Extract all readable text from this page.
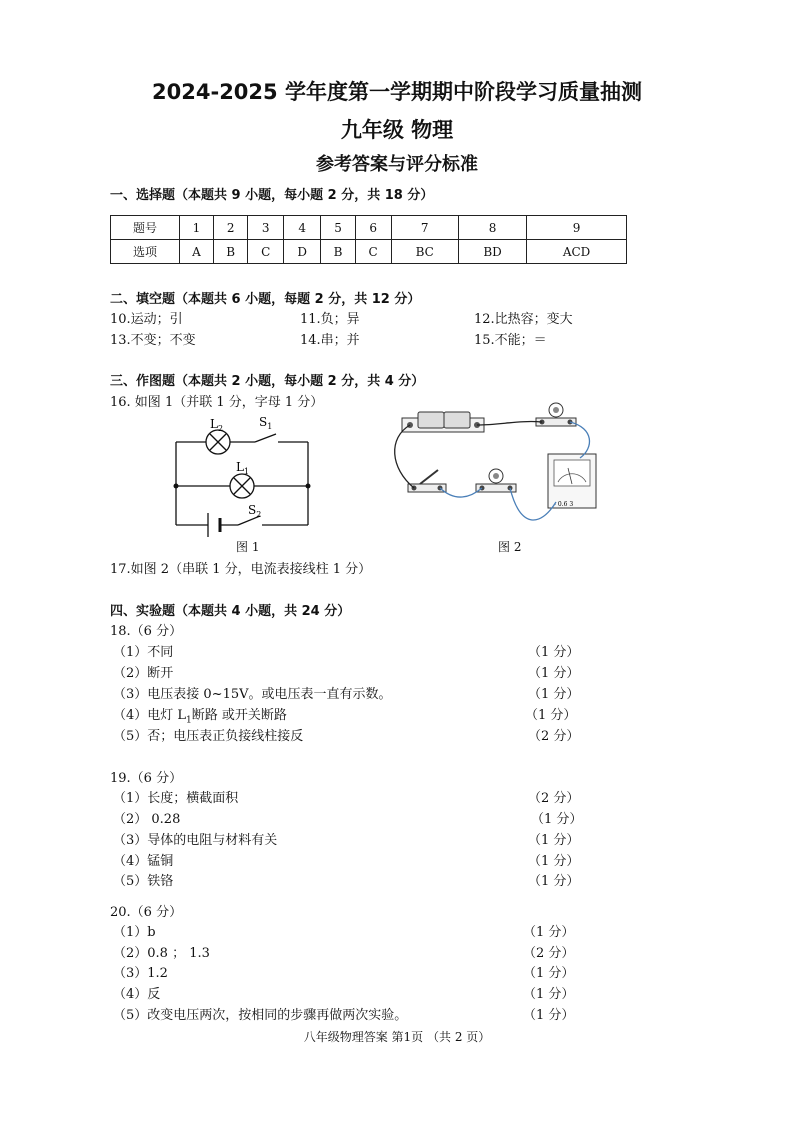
2024-2025 学年度第一学期期中阶段学习质量抽测
九年级 物理
参考答案与评分标准
一、选择题（本题共 9 小题，每小题 2 分，共 18 分）
题号	1	2	3	4	5	6	7	8	9
选项	A	B	C	D	B	C	BC	BD	ACD
二、填空题（本题共 6 小题，每题 2 分，共 12 分）
10.运动；引	11.负；异	12.比热容；变大
13.不变；不变	14.串；并	15.不能；＝
三、作图题（本题共 2 小题，每小题 2 分，共 4 分）
16. 如图 1（并联 1 分，字母 1 分）
$L_2$	$S_1$
$L_1$
$S_2$
图 1
- 0.6 3
图 2
17.如图 2（串联 1 分，电流表接线柱 1 分）
四、实验题（本题共 4 小题，共 24 分）
18.（6 分）
（1）不同	（1 分）
（2）断开	（1 分）
（3）电压表接 0~15V。或电压表一直有示数。	（1 分）
（4）电灯 $L_1$断路 或开关断路	（1 分）
（5）否；电压表正负接线柱接反	（2 分）
19.（6 分）
（1）长度；横截面积	（2 分）
（2） 0.28	（1 分）
（3）导体的电阻与材料有关	（1 分）
（4）锰铜	（1 分）
（5）铁铬	（1 分）
20.（6 分）
（1）b	（1 分）
（2）0.8 ； 1.3	（2 分）
（3）1.2	（1 分）
（4）反	（1 分）
（5）改变电压两次，按相同的步骤再做两次实验。	（1 分）
八年级物理答案 第1页 （共 2 页）
